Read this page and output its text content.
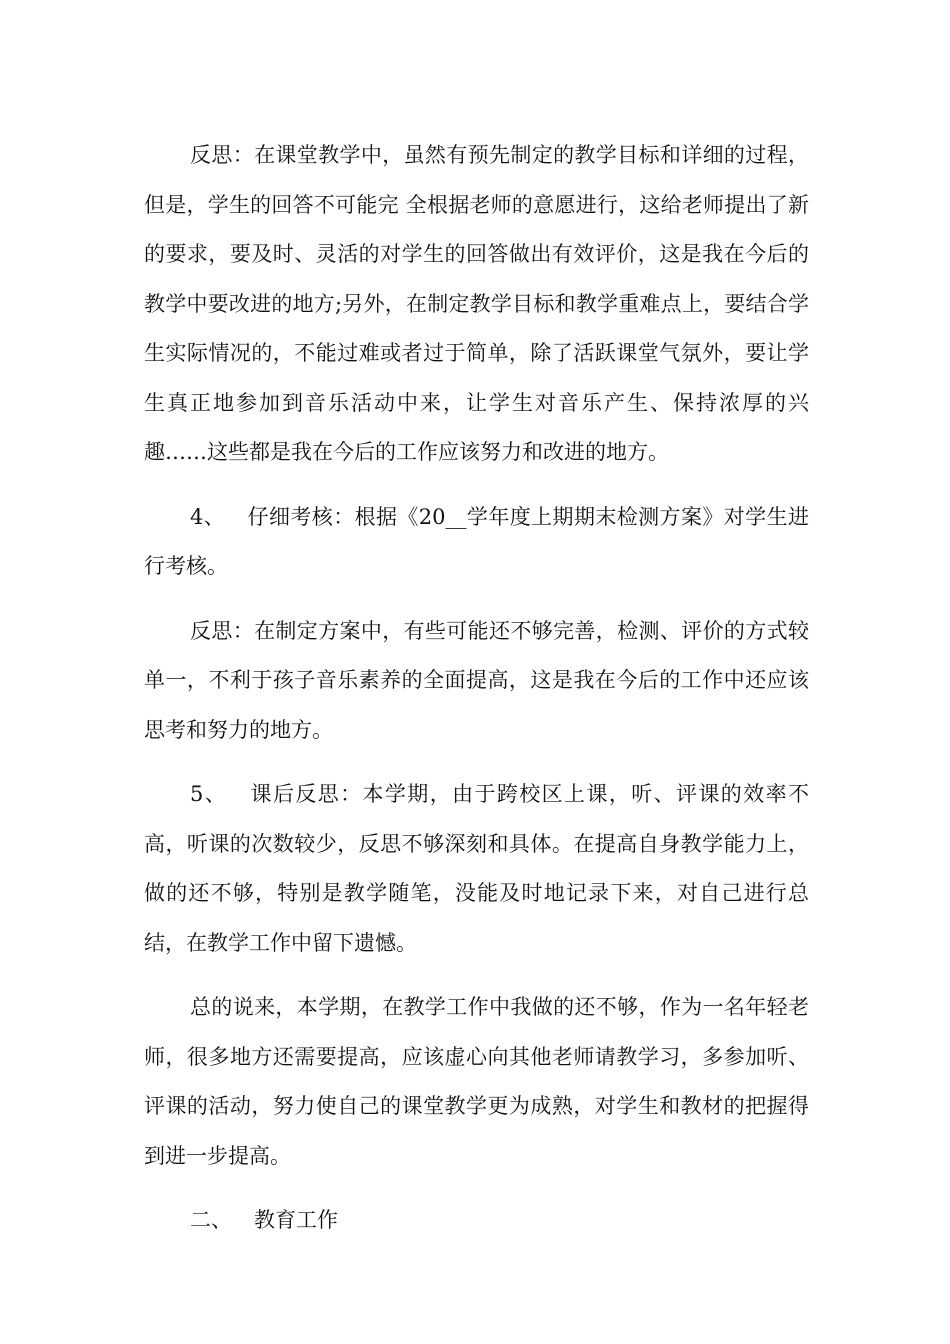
反思：在课堂教学中，虽然有预先制定的教学目标和详细的过程，但是，学生的回答不可能完 全根据老师的意愿进行，这给老师提出了新的要求，要及时、灵活的对学生的回答做出有效评价，这是我在今后的教学中要改进的地方;另外，在制定教学目标和教学重难点上，要结合学生实际情况的，不能过难或者过于简单，除了活跃课堂气氛外，要让学生真正地参加到音乐活动中来，让学生对音乐产生、保持浓厚的兴趣……这些都是我在今后的工作应该努力和改进的地方。

4、 仔细考核：根据《20__学年度上期期末检测方案》对学生进行考核。

反思：在制定方案中，有些可能还不够完善，检测、评价的方式较单一，不利于孩子音乐素养的全面提高，这是我在今后的工作中还应该思考和努力的地方。

5、 课后反思：本学期，由于跨校区上课，听、评课的效率不高，听课的次数较少，反思不够深刻和具体。在提高自身教学能力上，做的还不够，特别是教学随笔，没能及时地记录下来，对自己进行总结，在教学工作中留下遗憾。

总的说来，本学期，在教学工作中我做的还不够，作为一名年轻老师，很多地方还需要提高，应该虚心向其他老师请教学习，多参加听、评课的活动，努力使自己的课堂教学更为成熟，对学生和教材的把握得到进一步提高。

二、 教育工作
